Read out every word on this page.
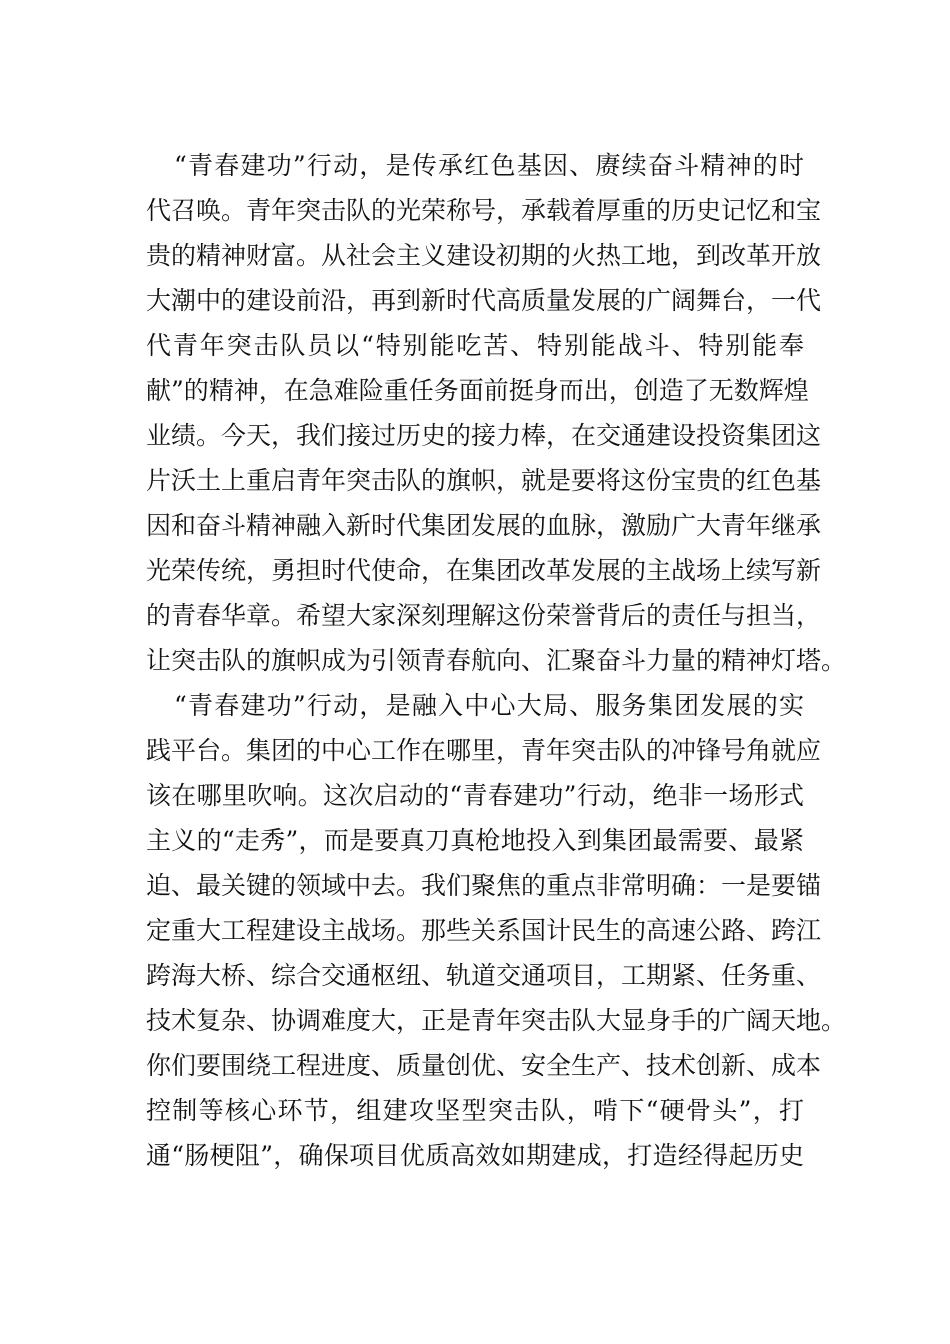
“青春建功”行动，是传承红色基因、赓续奋斗精神的时
代召唤。青年突击队的光荣称号，承载着厚重的历史记忆和宝
贵的精神财富。从社会主义建设初期的火热工地，到改革开放
大潮中的建设前沿，再到新时代高质量发展的广阔舞台，一代
代青年突击队员以“特别能吃苦、特别能战斗、特别能奉
献”的精神，在急难险重任务面前挺身而出，创造了无数辉煌
业绩。今天，我们接过历史的接力棒，在交通建设投资集团这
片沃土上重启青年突击队的旗帜，就是要将这份宝贵的红色基
因和奋斗精神融入新时代集团发展的血脉，激励广大青年继承
光荣传统，勇担时代使命，在集团改革发展的主战场上续写新
的青春华章。希望大家深刻理解这份荣誉背后的责任与担当，
让突击队的旗帜成为引领青春航向、汇聚奋斗力量的精神灯塔。
“青春建功”行动，是融入中心大局、服务集团发展的实
践平台。集团的中心工作在哪里，青年突击队的冲锋号角就应
该在哪里吹响。这次启动的“青春建功”行动，绝非一场形式
主义的“走秀”，而是要真刀真枪地投入到集团最需要、最紧
迫、最关键的领域中去。我们聚焦的重点非常明确：一是要锚
定重大工程建设主战场。那些关系国计民生的高速公路、跨江
跨海大桥、综合交通枢纽、轨道交通项目，工期紧、任务重、
技术复杂、协调难度大，正是青年突击队大显身手的广阔天地。
你们要围绕工程进度、质量创优、安全生产、技术创新、成本
控制等核心环节，组建攻坚型突击队，啃下“硬骨头”，打
通“肠梗阻”，确保项目优质高效如期建成，打造经得起历史
